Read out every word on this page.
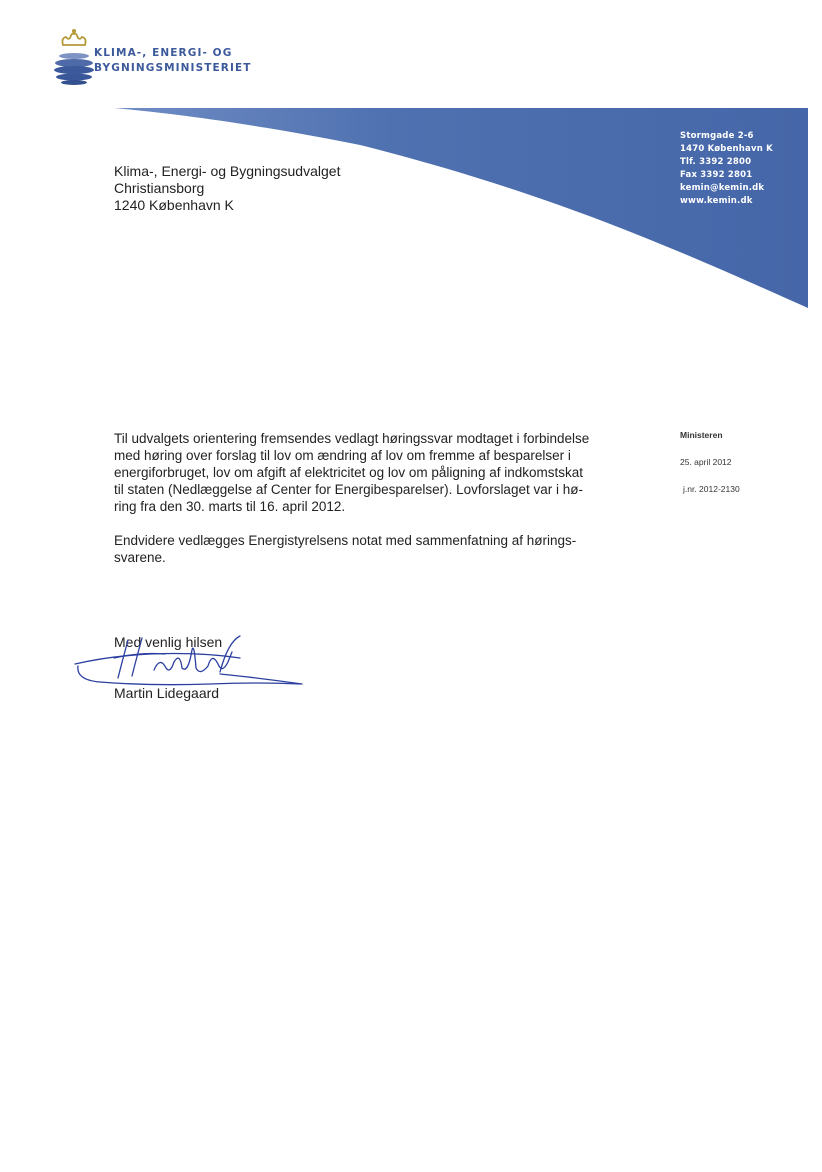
KLIMA-, ENERGI- OG
BYGNINGSMINISTERIET
Stormgade 2-6
1470 København K
Tlf. 3392 2800
Fax 3392 2801
kemin@kemin.dk
www.kemin.dk
Klima-, Energi- og Bygningsudvalget
Christiansborg
1240 København K
Ministeren
25. april 2012
j.nr. 2012-2130

Til udvalgets orientering fremsendes vedlagt høringssvar modtaget i forbindelse
med høring over forslag til lov om ændring af lov om fremme af besparelser i
energiforbruget, lov om afgift af elektricitet og lov om påligning af indkomstskat
til staten (Nedlæggelse af Center for Energibesparelser). Lovforslaget var i hø-
ring fra den 30. marts til 16. april 2012.

Endvidere vedlægges Energistyrelsens notat med sammenfatning af hørings-
svarene.

Med venlig hilsen
Martin Lidegaard
